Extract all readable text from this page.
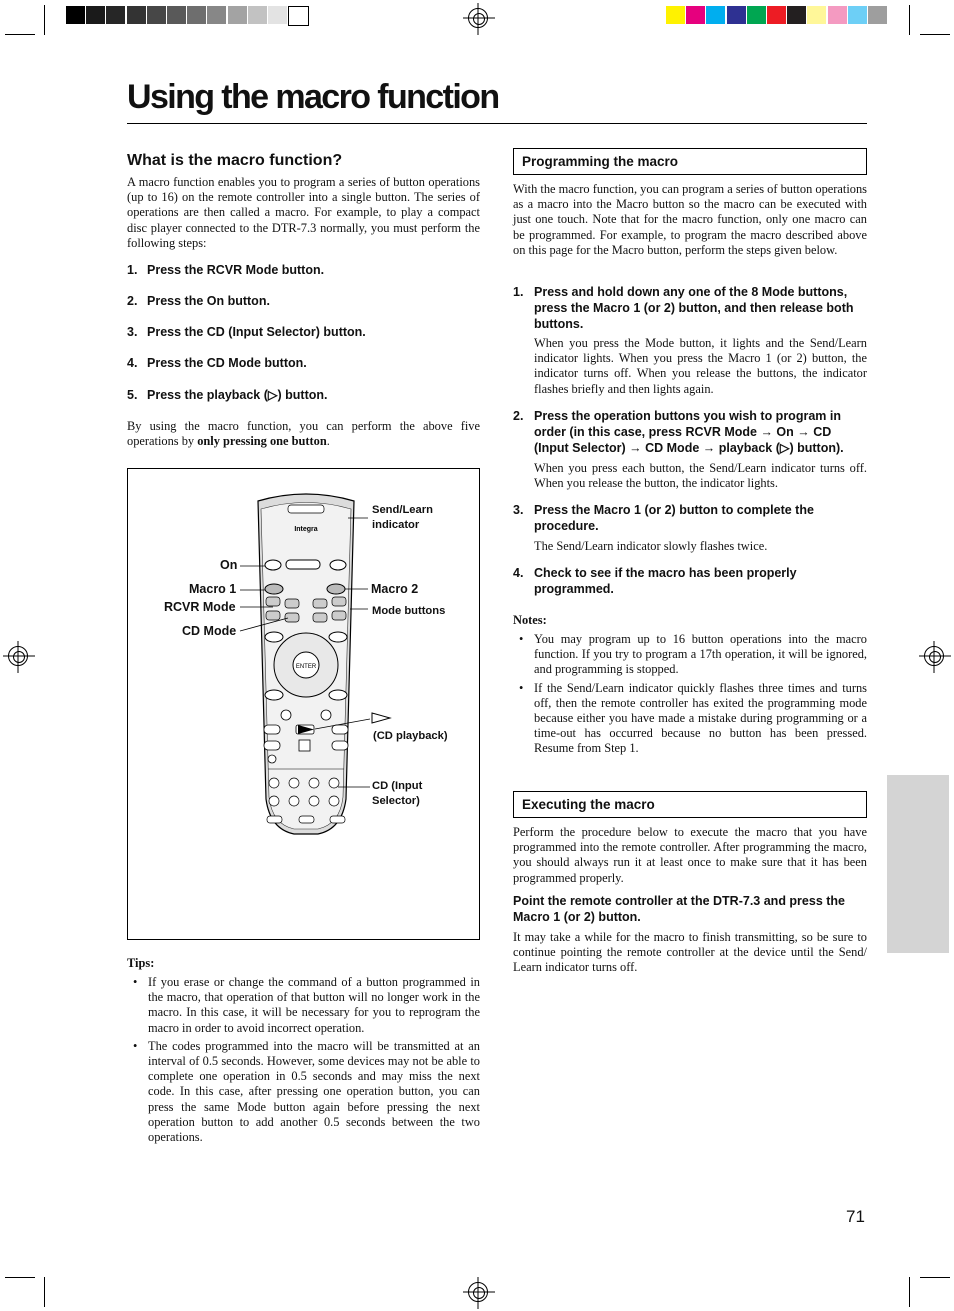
Using the macro function
What is the macro function?
A macro function enables you to program a series of button operations (up to 16) on the remote controller into a single button. The series of operations are then called a macro. For example, to play a compact disc player connected to the DTR-7.3 normally, you must perform the following steps:
1. Press the RCVR Mode button.
2. Press the On button.
3. Press the CD (Input Selector) button.
4. Press the CD Mode button.
5. Press the playback (▷) button.
By using the macro function, you can perform the above five operations by only pressing one button.
Integra
ENTER
Send/Learn indicator
On
Macro 1
RCVR Mode
Macro 2
Mode buttons
CD Mode
(CD playback)
CD (Input Selector)
Tips:
• If you erase or change the command of a button programmed in the macro, that operation of that button will no longer work in the macro. In this case, it will be necessary for you to reprogram the macro in order to avoid incorrect operation.
• The codes programmed into the macro will be transmitted at an interval of 0.5 seconds. However, some devices may not be able to complete one operation in 0.5 seconds and may miss the next code. In this case, after pressing one operation button, you can press the same Mode button again before pressing the next operation button to add another 0.5 seconds between the two operations.
Programming the macro
With the macro function, you can program a series of button operations as a macro into the Macro button so the macro can be executed with just one touch. Note that for the macro function, only one macro can be programmed. For example, to program the macro described above on this page for the Macro button, perform the steps given below.
1. Press and hold down any one of the 8 Mode buttons, press the Macro 1 (or 2) button, and then release both buttons.
When you press the Mode button, it lights and the Send/Learn indicator lights. When you press the Macro 1 (or 2) button, the indicator turns off. When you release the buttons, the indicator flashes briefly and then lights again.
2. Press the operation buttons you wish to program in order (in this case, press RCVR Mode → On → CD (Input Selector) → CD Mode → playback (▷) button).
When you press each button, the Send/Learn indicator turns off. When you release the button, the indicator lights.
3. Press the Macro 1 (or 2) button to complete the procedure.
The Send/Learn indicator slowly flashes twice.
4. Check to see if the macro has been properly programmed.
Notes:
• You may program up to 16 button operations into the macro function. If you try to program a 17th operation, it will be ignored, and programming is stopped.
• If the Send/Learn indicator quickly flashes three times and turns off, then the remote controller has exited the programming mode because either you have made a mistake during programming or a time-out has occurred because no button has been pressed. Resume from Step 1.
Executing the macro
Perform the procedure below to execute the macro that you have programmed into the remote controller. After programming the macro, you should always run it at least once to make sure that it has been programmed properly.
Point the remote controller at the DTR-7.3 and press the Macro 1 (or 2) button.
It may take a while for the macro to finish transmitting, so be sure to continue pointing the remote controller at the device until the Send/ Learn indicator turns off.
71
